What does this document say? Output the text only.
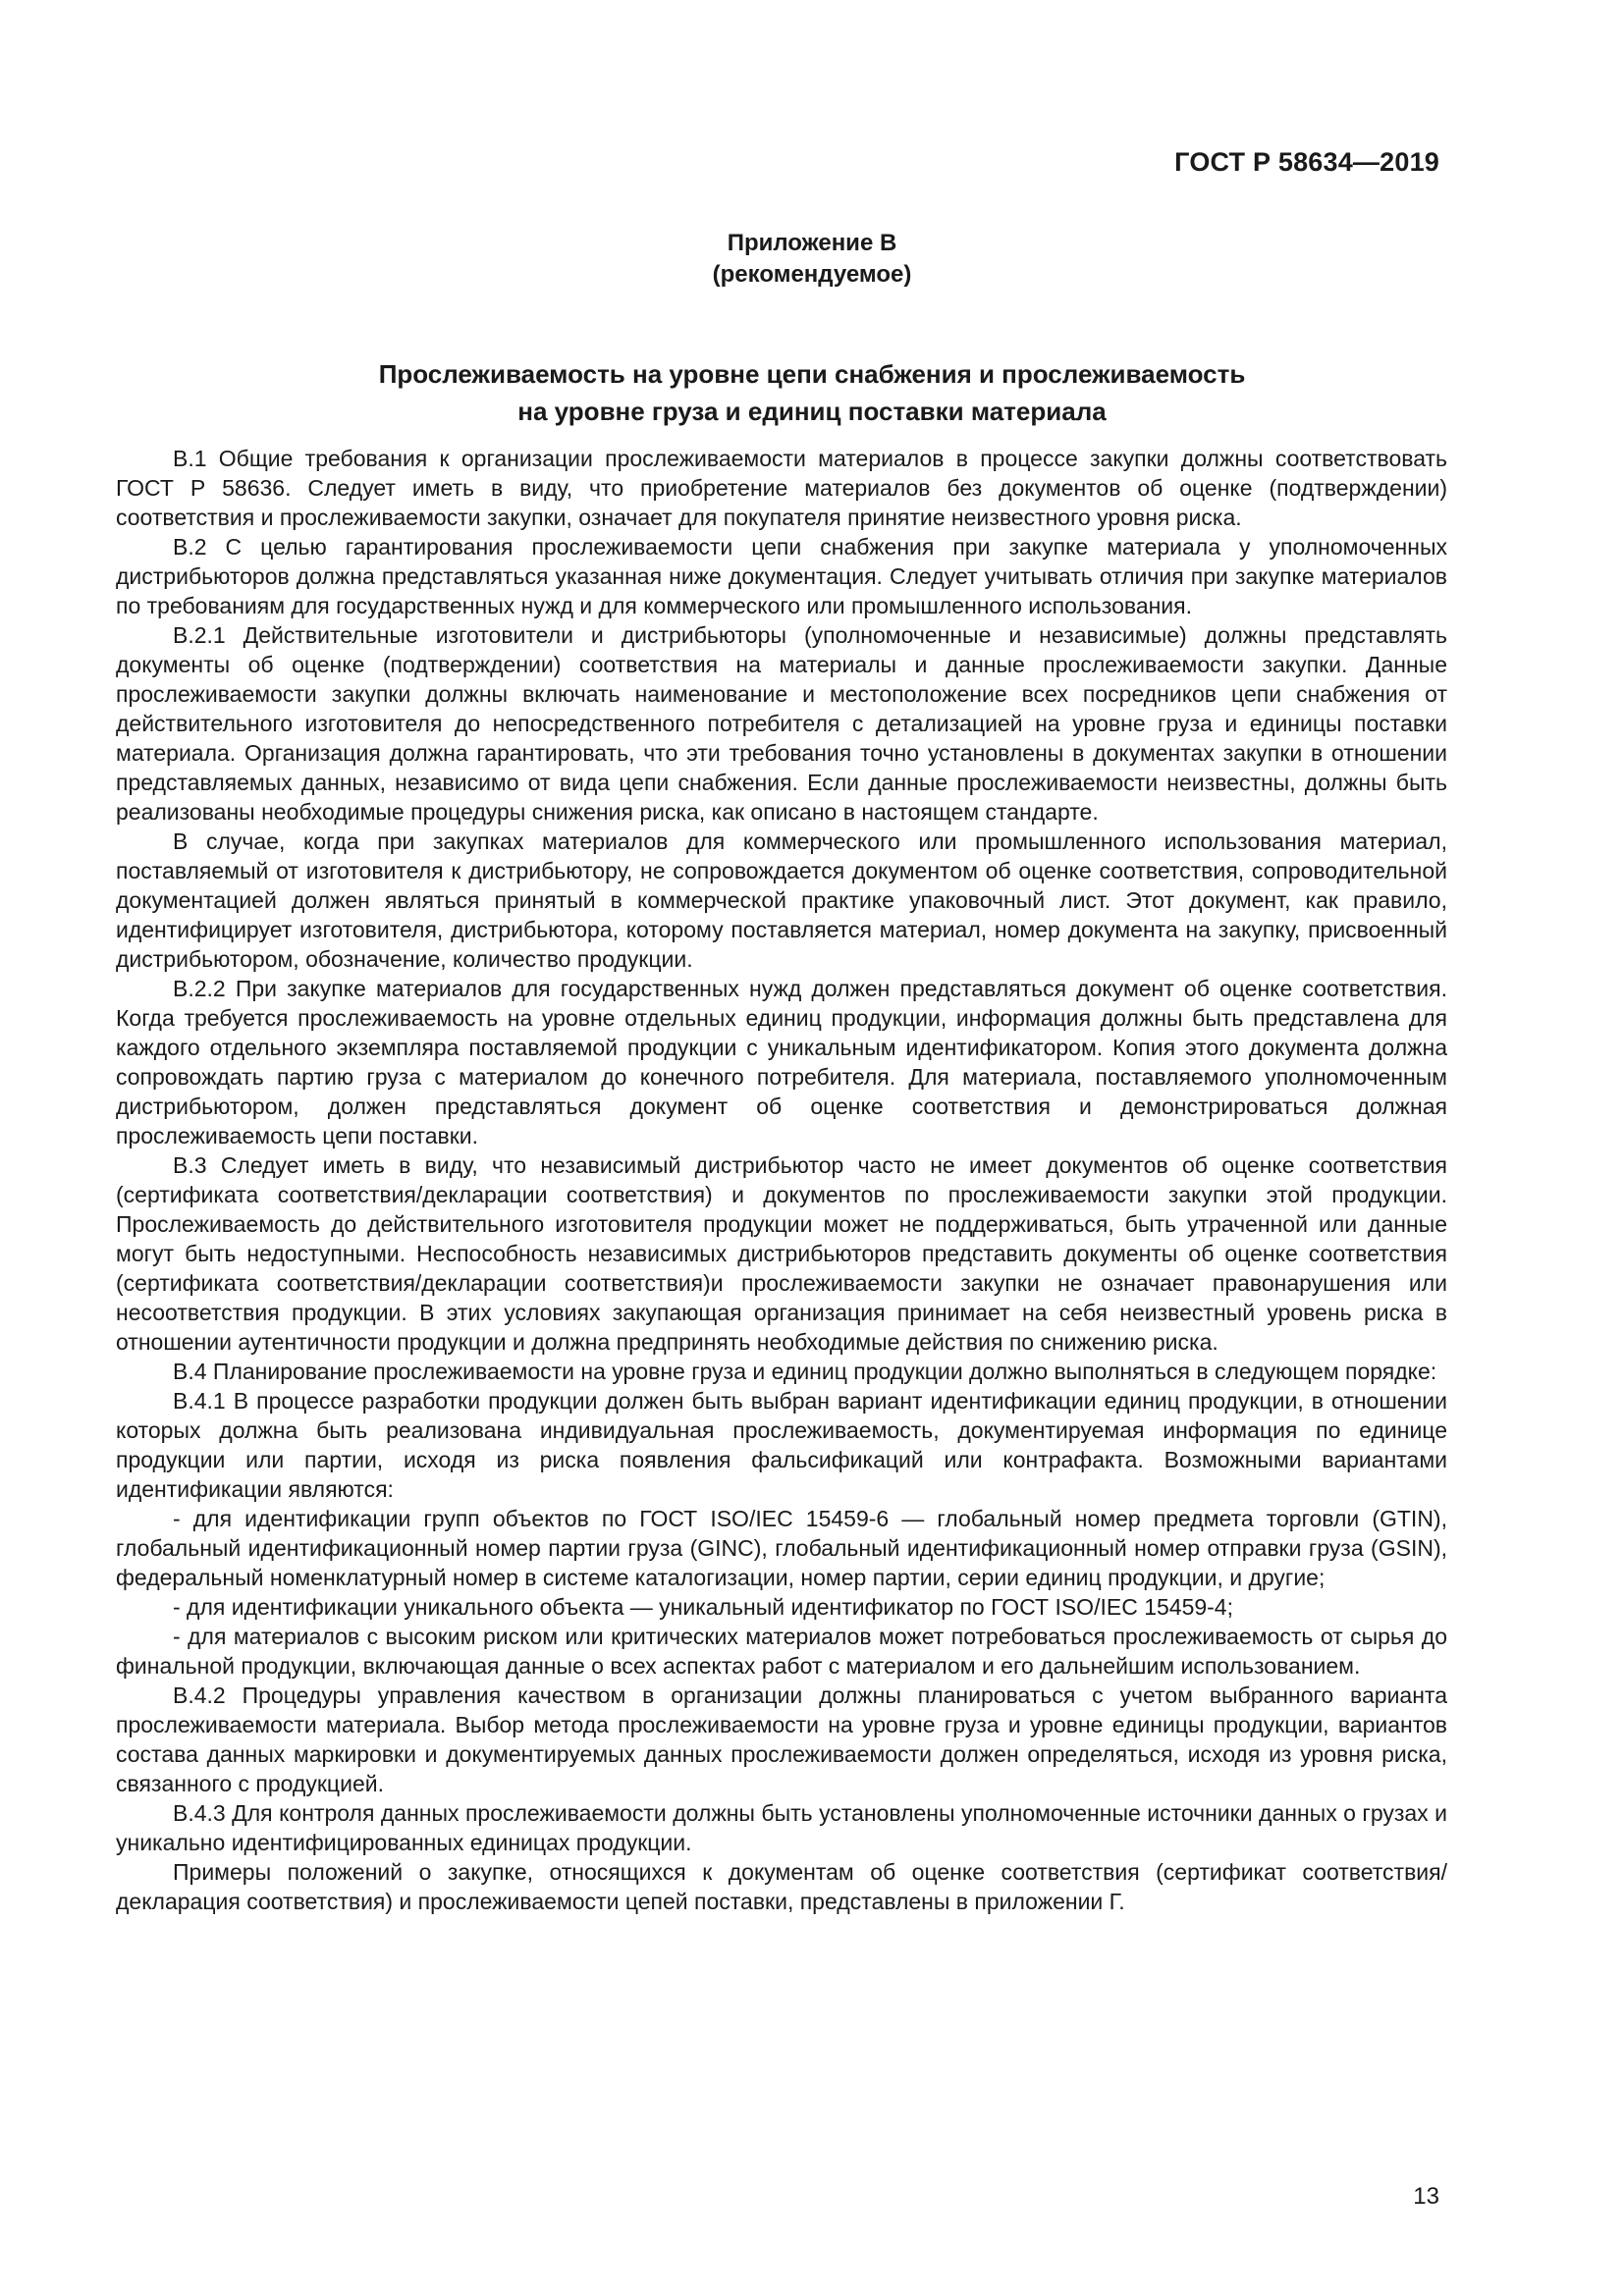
ГОСТ Р 58634—2019
Приложение В
(рекомендуемое)
Прослеживаемость на уровне цепи снабжения и прослеживаемость
на уровне груза и единиц поставки материала

В.1 Общие требования к организации прослеживаемости материалов в процессе закупки должны соответствовать ГОСТ Р 58636. Следует иметь в виду, что приобретение материалов без документов об оценке (подтверждении) соответствия и прослеживаемости закупки, означает для покупателя принятие неизвестного уровня риска.

В.2 С целью гарантирования прослеживаемости цепи снабжения при закупке материала у уполномоченных дистрибьюторов должна представляться указанная ниже документация. Следует учитывать отличия при закупке материалов по требованиям для государственных нужд и для коммерческого или промышленного использования.

В.2.1 Действительные изготовители и дистрибьюторы (уполномоченные и независимые) должны представлять документы об оценке (подтверждении) соответствия на материалы и данные прослеживаемости закупки. Данные прослеживаемости закупки должны включать наименование и местоположение всех посредников цепи снабжения от действительного изготовителя до непосредственного потребителя с детализацией на уровне груза и единицы поставки материала. Организация должна гарантировать, что эти требования точно установлены в документах закупки в отношении представляемых данных, независимо от вида цепи снабжения. Если данные прослеживаемости неизвестны, должны быть реализованы необходимые процедуры снижения риска, как описано в настоящем стандарте.

В случае, когда при закупках материалов для коммерческого или промышленного использования материал, поставляемый от изготовителя к дистрибьютору, не сопровождается документом об оценке соответствия, сопроводительной документацией должен являться принятый в коммерческой практике упаковочный лист. Этот документ, как правило, идентифицирует изготовителя, дистрибьютора, которому поставляется материал, номер документа на закупку, присвоенный дистрибьютором, обозначение, количество продукции.

В.2.2 При закупке материалов для государственных нужд должен представляться документ об оценке соответствия. Когда требуется прослеживаемость на уровне отдельных единиц продукции, информация должны быть представлена для каждого отдельного экземпляра поставляемой продукции с уникальным идентификатором. Копия этого документа должна сопровождать партию груза с материалом до конечного потребителя. Для материала, поставляемого уполномоченным дистрибьютором, должен представляться документ об оценке соответствия и демонстрироваться должная прослеживаемость цепи поставки.

В.3 Следует иметь в виду, что независимый дистрибьютор часто не имеет документов об оценке соответствия (сертификата соответствия/декларации соответствия) и документов по прослеживаемости закупки этой продукции. Прослеживаемость до действительного изготовителя продукции может не поддерживаться, быть утраченной или данные могут быть недоступными. Неспособность независимых дистрибьюторов представить документы об оценке соответствия (сертификата соответствия/декларации соответствия)и прослеживаемости закупки не означает правонарушения или несоответствия продукции. В этих условиях закупающая организация принимает на себя неизвестный уровень риска в отношении аутентичности продукции и должна предпринять необходимые действия по снижению риска.

В.4 Планирование прослеживаемости на уровне груза и единиц продукции должно выполняться в следующем порядке:

В.4.1 В процессе разработки продукции должен быть выбран вариант идентификации единиц продукции, в отношении которых должна быть реализована индивидуальная прослеживаемость, документируемая информация по единице продукции или партии, исходя из риска появления фальсификаций или контрафакта. Возможными вариантами идентификации являются:

- для идентификации групп объектов по ГОСТ ISO/IEC 15459-6 — глобальный номер предмета торговли (GTIN), глобальный идентификационный номер партии груза (GINC), глобальный идентификационный номер отправки груза (GSIN), федеральный номенклатурный номер в системе каталогизации, номер партии, серии единиц продукции, и другие;

- для идентификации уникального объекта — уникальный идентификатор по ГОСТ ISO/IEC 15459-4;

- для материалов с высоким риском или критических материалов может потребоваться прослеживаемость от сырья до финальной продукции, включающая данные о всех аспектах работ с материалом и его дальнейшим использованием.

В.4.2 Процедуры управления качеством в организации должны планироваться с учетом выбранного варианта прослеживаемости материала. Выбор метода прослеживаемости на уровне груза и уровне единицы продукции, вариантов состава данных маркировки и документируемых данных прослеживаемости должен определяться, исходя из уровня риска, связанного с продукцией.

В.4.3 Для контроля данных прослеживаемости должны быть установлены уполномоченные источники данных о грузах и уникально идентифицированных единицах продукции.

Примеры положений о закупке, относящихся к документам об оценке соответствия (сертификат соответствия/декларация соответствия) и прослеживаемости цепей поставки, представлены в приложении Г.

13
